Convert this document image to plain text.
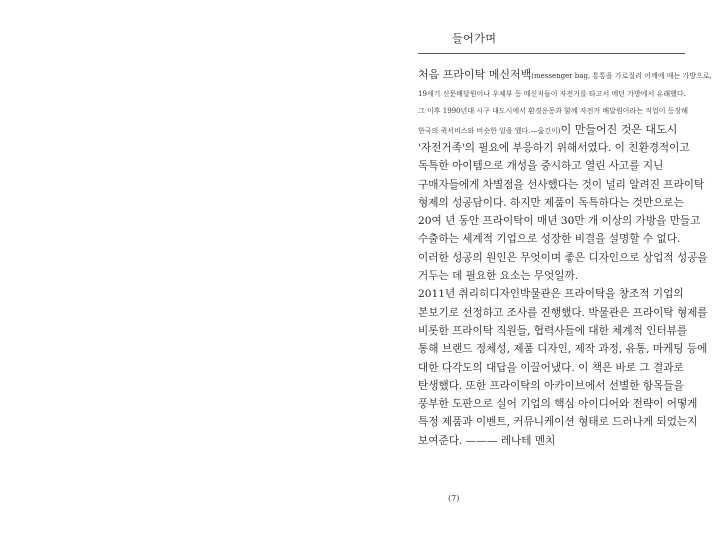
들어가며
처음 프라이탁 메신저백(messenger bag, 통통을 가로질러 어깨에 매는 가방으로,
19세기 신문배달원이나 우체부 등 메신저들이 자전거를 타고서 메던 가방에서 유래했다.
그 이후 1990년대 시구 대도시에서 환경운동과 함께 자전거 배달원이라는 직업이 등장해
한국의 퀵서비스와 비슷한 일을 했다.—옮긴이)이 만들어진 것은 대도시
'자전거족'의 필요에 부응하기 위해서였다. 이 친환경적이고
독특한 아이템으로 개성을 중시하고 열린 사고를 지닌
구매자들에게 차별점을 선사했다는 것이 널리 알려진 프라이탁
형제의 성공담이다. 하지만 제품이 독특하다는 것만으로는
20여 년 동안 프라이탁이 매년 30만 개 이상의 가방을 만들고
수출하는 세계적 기업으로 성장한 비결을 설명할 수 없다.
이러한 성공의 원인은 무엇이며 좋은 디자인으로 상업적 성공을
거두는 데 필요한 요소는 무엇일까.
2011년 취리히디자인박물관은 프라이탁을 창조적 기업의
본보기로 선정하고 조사를 진행했다. 박물관은 프라이탁 형제를
비롯한 프라이탁 직원들, 협력사들에 대한 체계적 인터뷰를
통해 브랜드 정체성, 제품 디자인, 제작 과정, 유통, 마케팅 등에
대한 다각도의 대답을 이끌어냈다. 이 책은 바로 그 결과로
탄생했다. 또한 프라이탁의 아카이브에서 선별한 항목들을
풍부한 도판으로 실어 기업의 핵심 아이디어와 전략이 어떻게
특정 제품과 이벤트, 커뮤니케이션 형태로 드러나게 되었는지
보여준다. ——— 레나테 멘치
(7)
